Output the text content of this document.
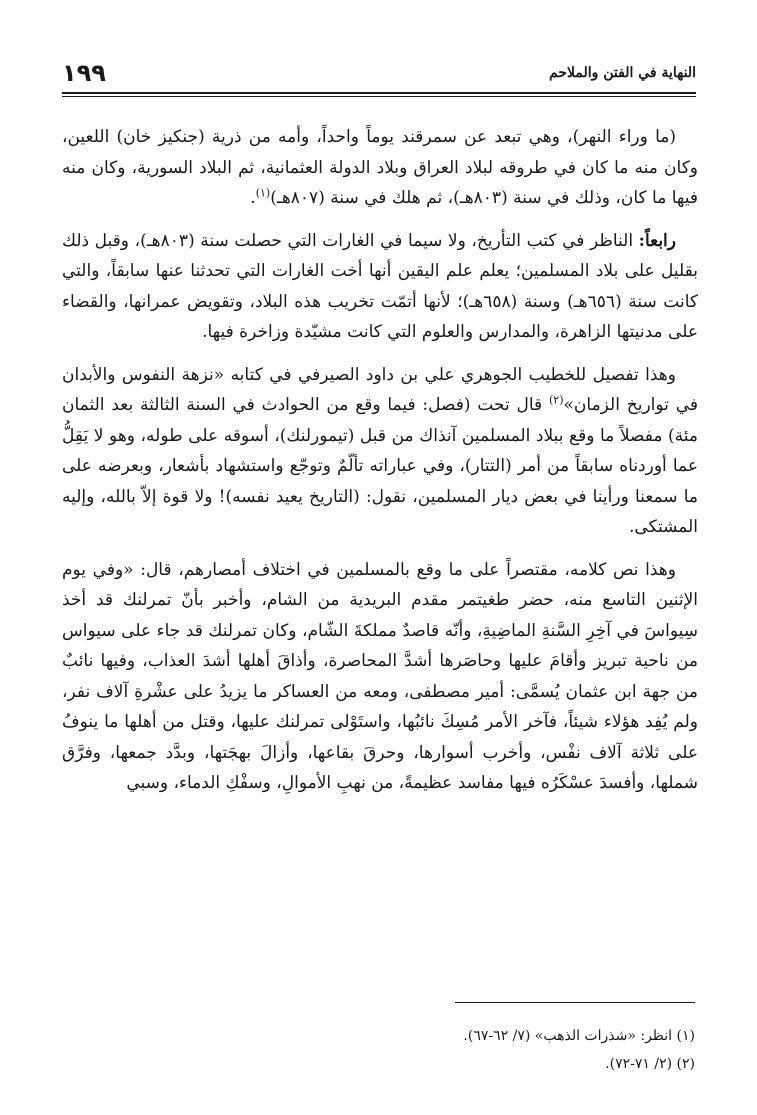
١٩٩	النهاية في الفتن والملاحم

(ما وراء النهر)، وهي تبعد عن سمرقند يوماً واحداً، وأمه من ذرية (جنكيز خان) اللعين، وكان منه ما كان في طروقه لبلاد العراق وبلاد الدولة العثمانية، ثم البلاد السورية، وكان منه فيها ما كان، وذلك في سنة (٨٠٣هـ)، ثم هلك في سنة (٨٠٧هـ)$^{(١)}$.

رابعاً: الناظر في كتب التأريخ، ولا سيما في الغارات التي حصلت سنة (٨٠٣هـ)، وقبل ذلك بقليل على بلاد المسلمين؛ يعلم علم اليقين أنها أخت الغارات التي تحدثنا عنها سابقاً، والتي كانت سنة (٦٥٦هـ) وسنة (٦٥٨هـ)؛ لأنها أتمّت تخريب هذه البلاد، وتقويض عمرانها، والقضاء على مدنيتها الزاهرة، والمدارس والعلوم التي كانت مشيّدة وزاخرة فيها.

وهذا تفصيل للخطيب الجوهري علي بن داود الصيرفي في كتابه «نزهة النفوس والأبدان في تواريخ الزمان»$^{(٢)}$ قال تحت (فصل: فيما وقع من الحوادث في السنة الثالثة بعد الثمان مئة) مفصلاً ما وقع ببلاد المسلمين آنذاك من قبل (تيمورلنك)، أسوقه على طوله، وهو لا يَقِلُّ عما أوردناه سابقاً من أمر (التتار)، وفي عباراته تألّمٌ وتوجّع واستشهاد بأشعار، وبعرضه على ما سمعنا ورأينا في بعض ديار المسلمين، نقول: (التاريخ يعيد نفسه)! ولا قوة إلاّ بالله، وإليه المشتكى.

وهذا نص كلامه، مقتصراً على ما وقع بالمسلمين في اختلاف أمصارهم، قال: «وفي يوم الإثنين التاسع منه، حضر طغيتمر مقدم البريدية من الشام، وأخبر بأنّ تمرلنك قد أخذ سِيواسَ في آخِرِ السَّنةِ الماضِيةِ، وأنّه قاصدٌ مملكةَ الشّام، وكان تمرلنك قد جاء على سيواس من ناحية تبريز وأقامَ عليها وحاصَرها أشدَّ المحاصرة، وأذاقَ أهلها أشدَ العذاب، وفيها نائبٌ من جهة ابن عثمان يُسمَّى: أمير مصطفى، ومعه من العساكر ما يزيدُ على عشْرةِ آلاف نفر، ولم يُفِد هؤلاء شيئاً، فآخر الأمر مُسِكَ نائبُها، واستَوْلى تمرلنك عليها، وقتل من أهلها ما ينوفُ على ثلاثة آلاف نفْس، وأخرب أسوارها، وحرقَ بقاعها، وأزالَ بهجَتها، وبدَّد جمعها، وفرَّق شملها، وأفسدَ عسْكَرُه فيها مفاسد عظيمةً، من نهبِ الأموالِ، وسفْكِ الدماء، وسبي

(١) انظر: «شذرات الذهب» (٧/ ٦٢-٦٧).
(٢) (٢/ ٧١-٧٢).
